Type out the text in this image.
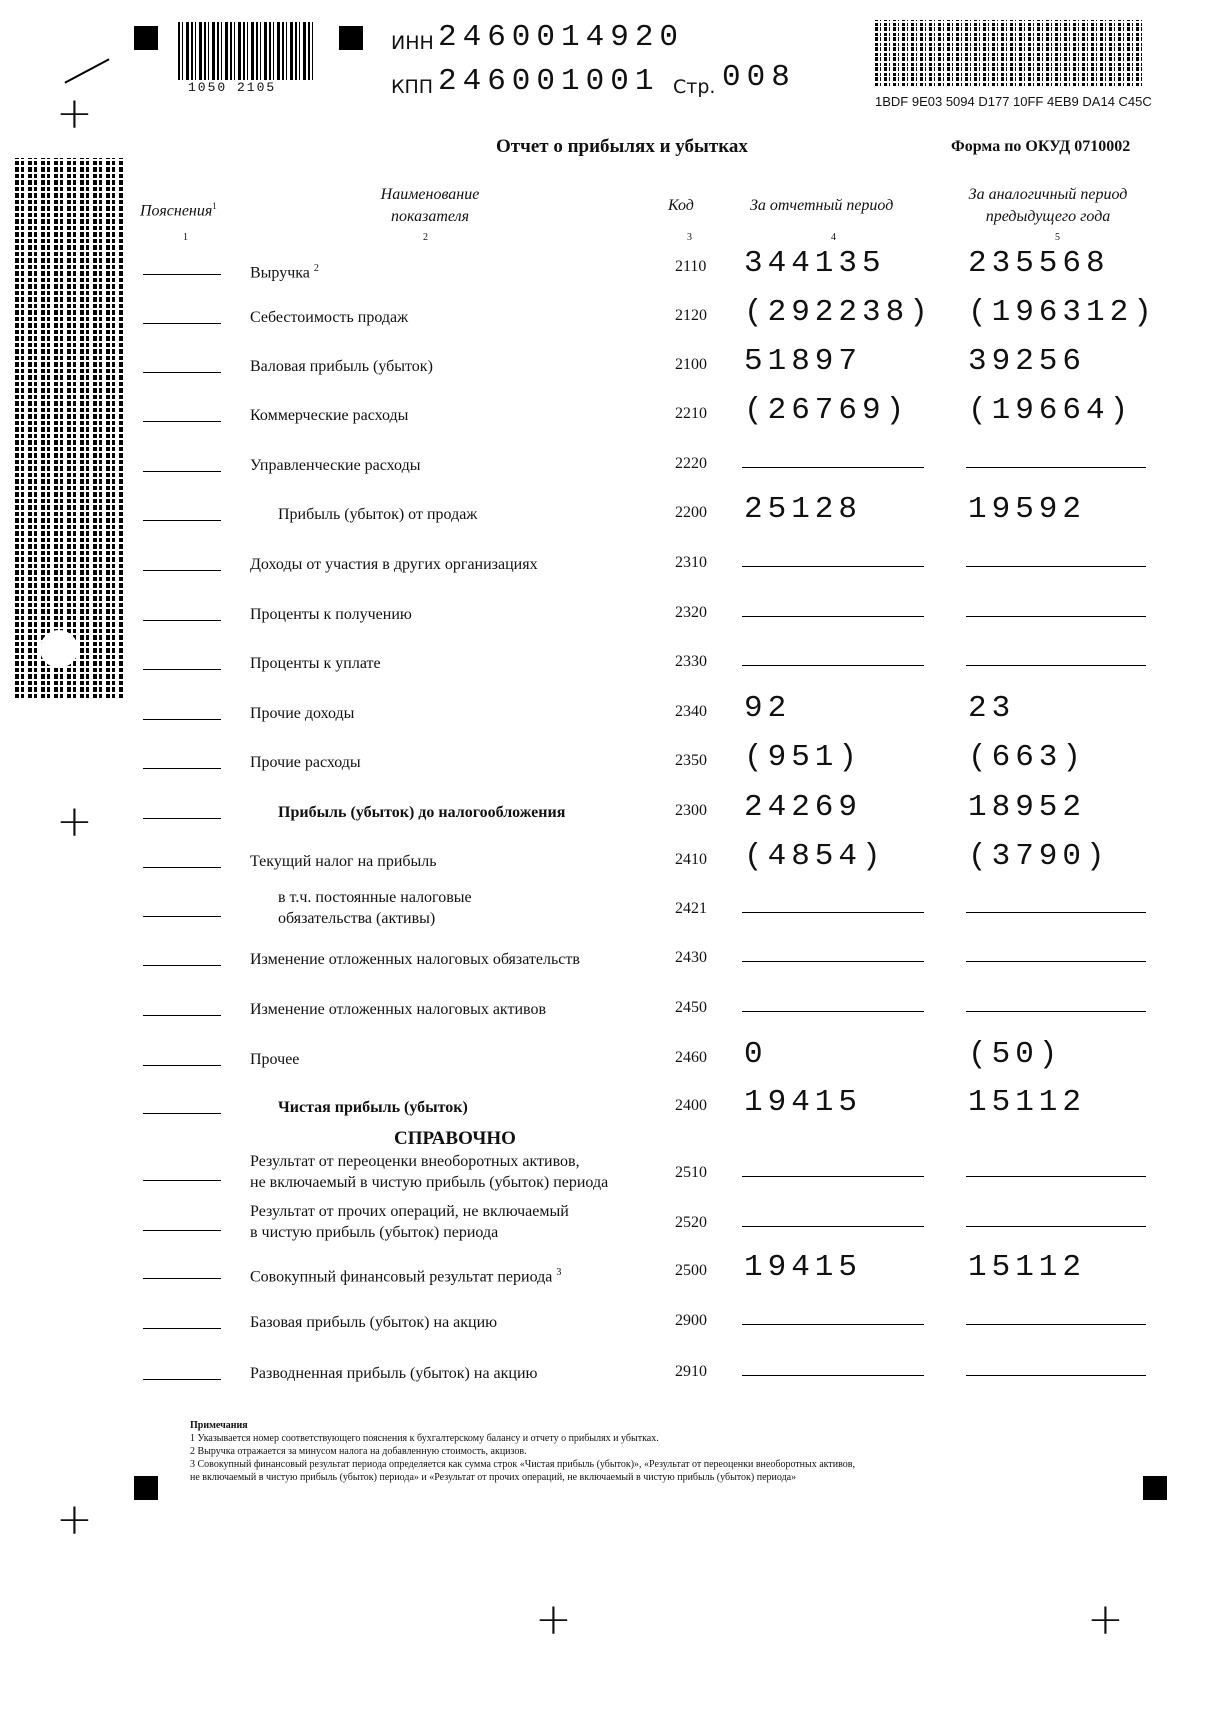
+
+
+
+	+
1050 2105
ИНН 2460014920
КПП 246001001 Стр. 008
1BDF 9E03 5094 D177 10FF 4EB9 DA14 C45C
Отчет о прибылях и убытках	Форма по ОКУД 0710002
Пояснения$^1$
Наименование показателя
Код	За отчетный период
За аналогичный период предыдущего года
1	2	3	4	5
Выручка $^2$	2110 344135	235568
Себестоимость продаж	2120 (292238) (196312)
Валовая прибыль (убыток)	2100 51897	39256
Коммерческие расходы	2210 (26769) (19664)
Управленческие расходы	2220
Прибыль (убыток) от продаж	2200 25128	19592
Доходы от участия в других организациях	2310
Проценты к получению	2320
Проценты к уплате	2330
Прочие доходы	2340 92	23
Прочие расходы	2350 (951)	(663)
Прибыль (убыток) до налогообложения	2300 24269	18952
Текущий налог на прибыль	2410 (4854)	(3790)
в т.ч. постоянные налоговые
обязательства (активы)
2421
Изменение отложенных налоговых обязательств	2430
Изменение отложенных налоговых активов	2450
Прочее	2460 0	(50)
Чистая прибыль (убыток)	2400 19415	15112
СПРАВОЧНО
Результат от переоценки внеоборотных активов,
не включаемый в чистую прибыль (убыток) периода
2510
Результат от прочих операций, не включаемый
в чистую прибыль (убыток) периода
2520
Совокупный финансовый результат периода $^3$	2500 19415	15112
Базовая прибыль (убыток) на акцию	2900
Разводненная прибыль (убыток) на акцию	2910
Примечания
1 Указывается номер соответствующего пояснения к бухгалтерскому балансу и отчету о прибылях и убытках.
2 Выручка отражается за минусом налога на добавленную стоимость, акцизов.
3 Совокупный финансовый результат периода определяется как сумма строк «Чистая прибыль (убыток)», «Результат от переоценки внеоборотных активов,
не включаемый в чистую прибыль (убыток) периода» и «Результат от прочих операций, не включаемый в чистую прибыль (убыток) периода»
